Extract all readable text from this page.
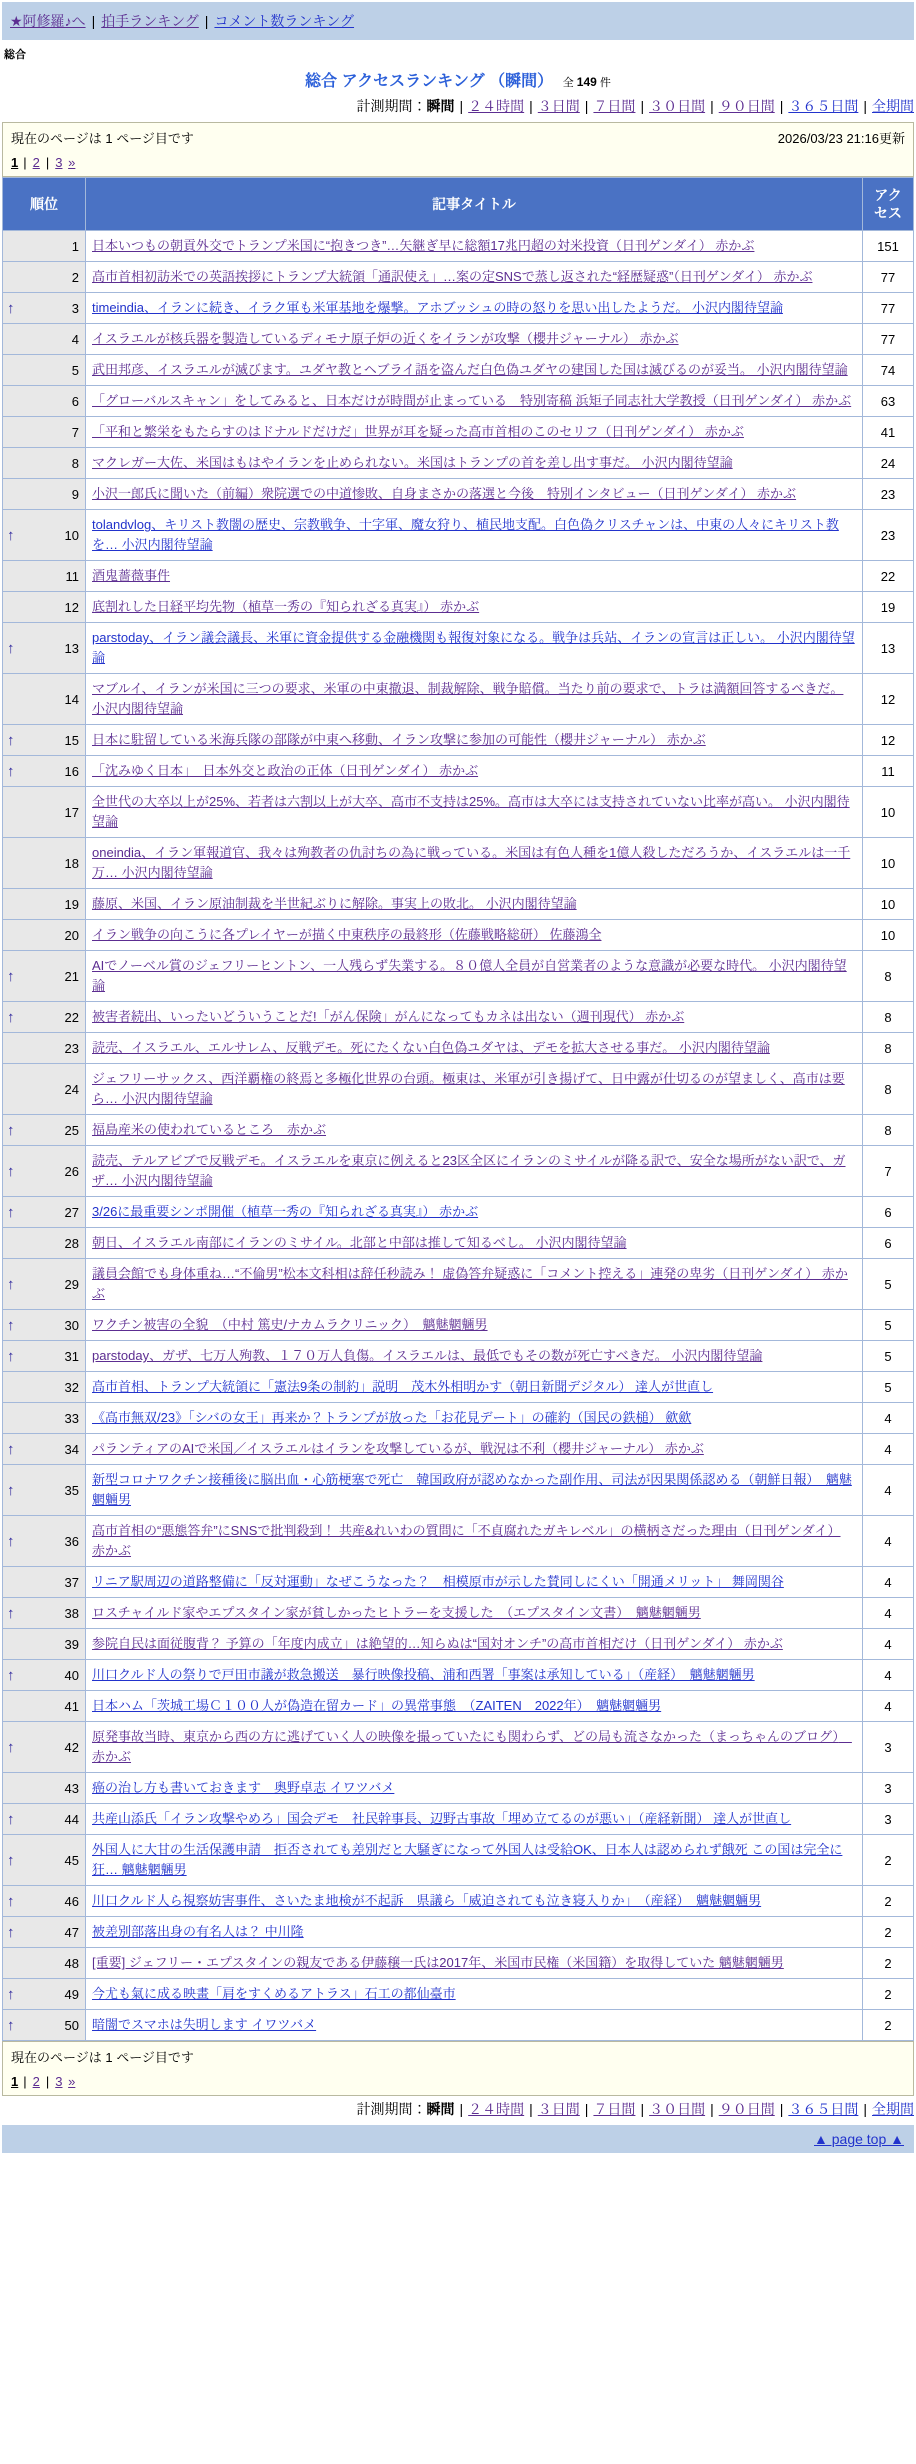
★阿修羅♪へ | 拍手ランキング | コメント数ランキング
総合
総合 アクセスランキング （瞬間） 全 149 件
計測期間：瞬間 | ２４時間 | ３日間 | ７日間 | ３０日間 | ９０日間 | ３６５日間 | 全期間
現在のページは 1 ページ目です	2026/03/23 21:16更新
1 | 2 | 3 »
順位	記事タイトル	アクセス

1	日本いつもの朝貢外交でトランプ米国に“抱きつき”…矢継ぎ早に総額17兆円超の対米投資（日刊ゲンダイ） 赤かぶ	151

2	高市首相初訪米での英語挨拶にトランプ大統領「通訳使え」…案の定SNSで蒸し返された“経歴疑惑”（日刊ゲンダイ） 赤かぶ	77

↑ 3	timeindia、イランに続き、イラク軍も米軍基地を爆撃。アホブッシュの時の怒りを思い出したようだ。 小沢内閣待望論	77

4	イスラエルが核兵器を製造しているディモナ原子炉の近くをイランが攻撃（櫻井ジャーナル） 赤かぶ	77

5	武田邦彦、イスラエルが滅びます。ユダヤ教とヘブライ語を盗んだ白色偽ユダヤの建国した国は滅びるのが妥当。 小沢内閣待望論	74

6	「グローバルスキャン」をしてみると、日本だけが時間が止まっている　特別寄稿 浜矩子同志社大学教授（日刊ゲンダイ） 赤かぶ	63

7	「平和と繁栄をもたらすのはドナルドだけだ」世界が耳を疑った高市首相のこのセリフ（日刊ゲンダイ） 赤かぶ	41

8	マクレガー大佐、米国はもはやイランを止められない。米国はトランプの首を差し出す事だ。 小沢内閣待望論	24

9	小沢一郎氏に聞いた（前編）衆院選での中道惨敗、自身まさかの落選と今後　特別インタビュー（日刊ゲンダイ） 赤かぶ	23

↑ 10	tolandvlog、キリスト教闇の歴史、宗教戦争、十字軍、魔女狩り、植民地支配。白色偽クリスチャンは、中東の人々にキリスト教を… 小沢内閣待望論	23

11	酒鬼薔薇事件	22

12	底割れした日経平均先物（植草一秀の『知られざる真実』） 赤かぶ	19

↑ 13	parstoday、イラン議会議長、米軍に資金提供する金融機関も報復対象になる。戦争は兵站、イランの宣言は正しい。 小沢内閣待望論	13

14	マブルイ、イランが米国に三つの要求、米軍の中東撤退、制裁解除、戦争賠償。当たり前の要求で、トラは満額回答するべきだ。 小沢内閣待望論	12

↑ 15	日本に駐留している米海兵隊の部隊が中東へ移動、イラン攻撃に参加の可能性（櫻井ジャーナル） 赤かぶ	12

↑ 16	「沈みゆく日本」　日本外交と政治の正体（日刊ゲンダイ） 赤かぶ	11

17	全世代の大卒以上が25%、若者は六割以上が大卒、高市不支持は25%。高市は大卒には支持されていない比率が高い。 小沢内閣待望論	10

18	oneindia、イラン軍報道官、我々は殉教者の仇討ちの為に戦っている。米国は有色人種を1億人殺しただろうか、イスラエルは一千万… 小沢内閣待望論	10

19	藤原、米国、イラン原油制裁を半世紀ぶりに解除。事実上の敗北。 小沢内閣待望論	10

20	イラン戦争の向こうに各プレイヤーが描く中東秩序の最終形（佐藤戦略総研） 佐藤鴻全	10

↑ 21	AIでノーベル賞のジェフリーヒントン、一人残らず失業する。８０億人全員が自営業者のような意識が必要な時代。 小沢内閣待望論	8

↑ 22	被害者続出、いったいどういうことだ!「がん保険」がんになってもカネは出ない（週刊現代） 赤かぶ	8

23	読売、イスラエル、エルサレム、反戦デモ。死にたくない白色偽ユダヤは、デモを拡大させる事だ。 小沢内閣待望論	8

24	ジェフリーサックス、西洋覇権の終焉と多極化世界の台頭。極東は、米軍が引き揚げて、日中露が仕切るのが望ましく、高市は要ら… 小沢内閣待望論	8

↑ 25	福島産米の使われているところ　赤かぶ	8

↑ 26	読売、テルアビブで反戦デモ。イスラエルを東京に例えると23区全区にイランのミサイルが降る訳で、安全な場所がない訳で、ガザ… 小沢内閣待望論	7

↑ 27	3/26に最重要シンポ開催（植草一秀の『知られざる真実』） 赤かぶ	6

28	朝日、イスラエル南部にイランのミサイル。北部と中部は推して知るべし。 小沢内閣待望論	6

↑ 29	議員会館でも身体重ね…“不倫男”松本文科相は辞任秒読み！ 虚偽答弁疑惑に「コメント控える」連発の卑劣（日刊ゲンダイ） 赤かぶ	5

↑ 30	ワクチン被害の全貌　（中村 篤史/ナカムラクリニック）　魑魅魍魎男	5

↑ 31	parstoday、ガザ、七万人殉教、１７０万人負傷。イスラエルは、最低でもその数が死亡すべきだ。 小沢内閣待望論	5

32	高市首相、トランプ大統領に「憲法9条の制約」説明　茂木外相明かす（朝日新聞デジタル） 達人が世直し	5

33	《高市無双/23》「シバの女王」再来か？トランプが放った「お花見デート」の確約（国民の鉄槌） 歛歛	4

↑ 34	パランティアのAIで米国／イスラエルはイランを攻撃しているが、戦況は不利（櫻井ジャーナル） 赤かぶ	4

↑ 35	新型コロナワクチン接種後に脳出血・心筋梗塞で死亡　韓国政府が認めなかった副作用、司法が因果関係認める（朝鮮日報）　魑魅魍魎男	4

↑ 36	高市首相の“悪態答弁”にSNSで批判殺到！ 共産&れいわの質問に「不貞腐れたガキレベル」の横柄さだった理由（日刊ゲンダイ） 赤かぶ	4

37	リニア駅周辺の道路整備に「反対運動」なぜこうなった？　相模原市が示した賛同しにくい「開通メリット」 舞岡関谷	4

↑ 38	ロスチャイルド家やエプスタイン家が貧しかったヒトラーを支援した　（エプスタイン文書）　魑魅魍魎男	4

39	参院自民は面従腹背？ 予算の「年度内成立」は絶望的…知らぬは“国対オンチ”の高市首相だけ（日刊ゲンダイ） 赤かぶ	4

↑ 40	川口クルド人の祭りで戸田市議が救急搬送　暴行映像投稿、浦和西署「事案は承知している」（産経）　魑魅魍魎男	4

41	日本ハム「茨城工場Ｃ１００人が偽造在留カード」の異常事態　（ZAITEN　2022年）　魑魅魍魎男	4

↑ 42	原発事故当時、東京から西の方に逃げていく人の映像を撮っていたにも関わらず、どの局も流さなかった（まっちゃんのブログ）　赤かぶ	3

43	癌の治し方も書いておきます　奥野卓志 イワツバメ	3

↑ 44	共産山添氏「イラン攻撃やめろ」国会デモ　社民幹事長、辺野古事故「埋め立てるのが悪い」（産経新聞） 達人が世直し	3

↑ 45	外国人に大甘の生活保護申請　拒否されても差別だと大騒ぎになって外国人は受給OK、日本人は認められず餓死 この国は完全に狂… 魑魅魍魎男	2

↑ 46	川口クルド人ら視察妨害事件、さいたま地検が不起訴　県議ら「威迫されても泣き寝入りか」　（産経）　魑魅魍魎男	2

↑ 47	被差別部落出身の有名人は？ 中川隆	2

48	[重要] ジェフリー・エプスタインの親友である伊藤穣一氏は2017年、米国市民権（米国籍）を取得していた 魑魅魍魎男	2

↑ 49	今尤も氣に成る映畫「肩をすくめるアトラス」石工の都仙臺市	2

↑ 50	暗闇でスマホは失明します イワツバメ	2
現在のページは 1 ページ目です
1 | 2 | 3 »
計測期間：瞬間 | ２４時間 | ３日間 | ７日間 | ３０日間 | ９０日間 | ３６５日間 | 全期間
▲ page top ▲
